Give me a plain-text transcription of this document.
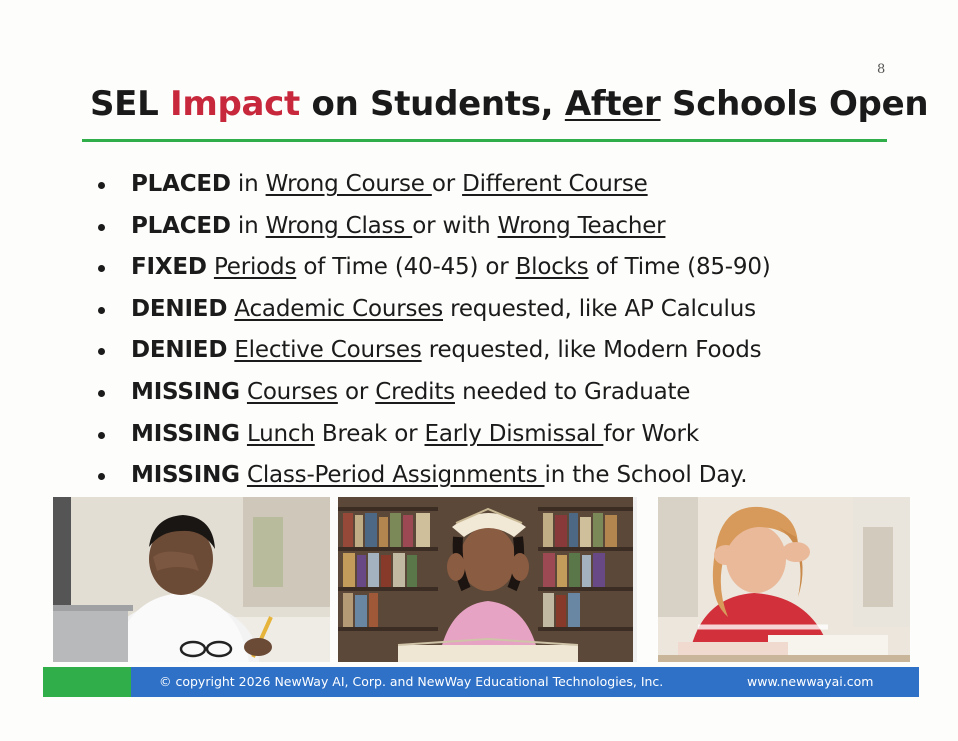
8
SEL Impact on Students, After Schools Open
PLACED in Wrong Course or Different Course
PLACED in Wrong Class or with Wrong Teacher
FIXED Periods of Time (40-45) or Blocks of Time (85-90)
DENIED Academic Courses requested, like AP Calculus
DENIED Elective Courses requested, like Modern Foods
MISSING Courses or Credits needed to Graduate
MISSING Lunch Break or Early Dismissal for Work
MISSING Class-Period Assignments in the School Day.
© copyright 2026 NewWay AI, Corp. and NewWay Educational Technologies, Inc.	www.newwayai.com
